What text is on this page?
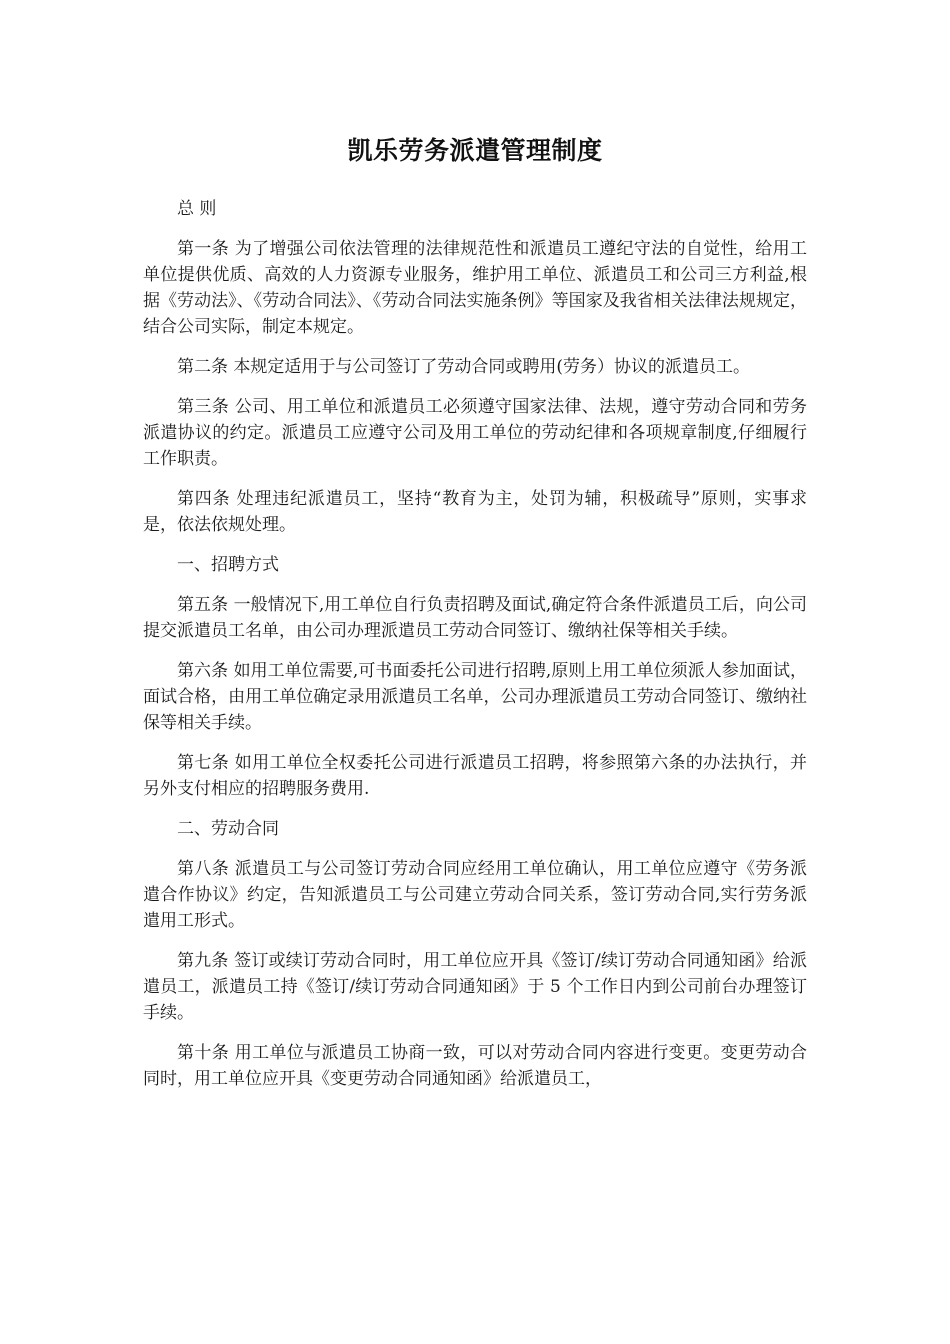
凯乐劳务派遣管理制度
总 则

第一条 为了增强公司依法管理的法律规范性和派遣员工遵纪守法的自觉性，给用工单位提供优质、高效的人力资源专业服务，维护用工单位、派遣员工和公司三方利益,根据《劳动法》、《劳动合同法》、《劳动合同法实施条例》等国家及我省相关法律法规规定，结合公司实际，制定本规定。

第二条 本规定适用于与公司签订了劳动合同或聘用(劳务）协议的派遣员工。

第三条 公司、用工单位和派遣员工必须遵守国家法律、法规，遵守劳动合同和劳务派遣协议的约定。派遣员工应遵守公司及用工单位的劳动纪律和各项规章制度,仔细履行工作职责。

第四条 处理违纪派遣员工，坚持“教育为主，处罚为辅，积极疏导”原则，实事求是，依法依规处理。

一、招聘方式

第五条 一般情况下,用工单位自行负责招聘及面试,确定符合条件派遣员工后，向公司提交派遣员工名单，由公司办理派遣员工劳动合同签订、缴纳社保等相关手续。

第六条 如用工单位需要,可书面委托公司进行招聘,原则上用工单位须派人参加面试，面试合格，由用工单位确定录用派遣员工名单，公司办理派遣员工劳动合同签订、缴纳社保等相关手续。

第七条 如用工单位全权委托公司进行派遣员工招聘，将参照第六条的办法执行，并另外支付相应的招聘服务费用.

二、劳动合同

第八条 派遣员工与公司签订劳动合同应经用工单位确认，用工单位应遵守《劳务派遣合作协议》约定，告知派遣员工与公司建立劳动合同关系，签订劳动合同,实行劳务派遣用工形式。

第九条 签订或续订劳动合同时，用工单位应开具《签订/续订劳动合同通知函》给派遣员工，派遣员工持《签订/续订劳动合同通知函》于 5 个工作日内到公司前台办理签订手续。

第十条 用工单位与派遣员工协商一致，可以对劳动合同内容进行变更。变更劳动合同时，用工单位应开具《变更劳动合同通知函》给派遣员工，
